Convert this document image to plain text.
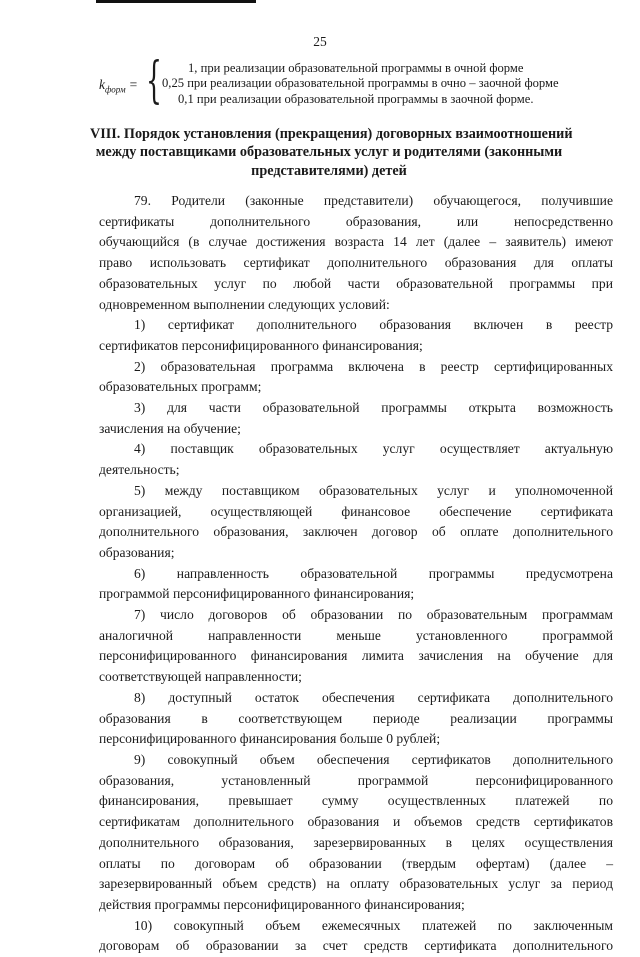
25
$k_{форм}$ = { 1, при реализации образовательной программы в очной форме
0,25 при реализации образовательной программы в очно – заочной форме
0,1 при реализации образовательной программы в заочной форме.
VIII. Порядок установления (прекращения) договорных взаимоотношений
между поставщиками образовательных услуг и родителями (законными
представителями) детей

79. Родители (законные представители) обучающегося, получившие
сертификаты дополнительного образования, или непосредственно
обучающийся (в случае достижения возраста 14 лет (далее – заявитель) имеют
право использовать сертификат дополнительного образования для оплаты
образовательных услуг по любой части образовательной программы при
одновременном выполнении следующих условий:

1) сертификат дополнительного образования включен в реестр
сертификатов персонифицированного финансирования;

2) образовательная программа включена в реестр сертифицированных
образовательных программ;

3) для части образовательной программы открыта возможность
зачисления на обучение;

4) поставщик образовательных услуг осуществляет актуальную
деятельность;

5) между поставщиком образовательных услуг и уполномоченной
организацией, осуществляющей финансовое обеспечение сертификата
дополнительного образования, заключен договор об оплате дополнительного
образования;

6) направленность образовательной программы предусмотрена
программой персонифицированного финансирования;

7) число договоров об образовании по образовательным программам
аналогичной направленности меньше установленного программой
персонифицированного финансирования лимита зачисления на обучение для
соответствующей направленности;

8) доступный остаток обеспечения сертификата дополнительного
образования в соответствующем периоде реализации программы
персонифицированного финансирования больше 0 рублей;

9) совокупный объем обеспечения сертификатов дополнительного
образования, установленный программой персонифицированного
финансирования, превышает сумму осуществленных платежей по
сертификатам дополнительного образования и объемов средств сертификатов
дополнительного образования, зарезервированных в целях осуществления
оплаты по договорам об образовании (твердым офертам) (далее –
зарезервированный объем средств) на оплату образовательных услуг за период
действия программы персонифицированного финансирования;

10) совокупный объем ежемесячных платежей по заключенным
договорам об образовании за счет средств сертификата дополнительного
